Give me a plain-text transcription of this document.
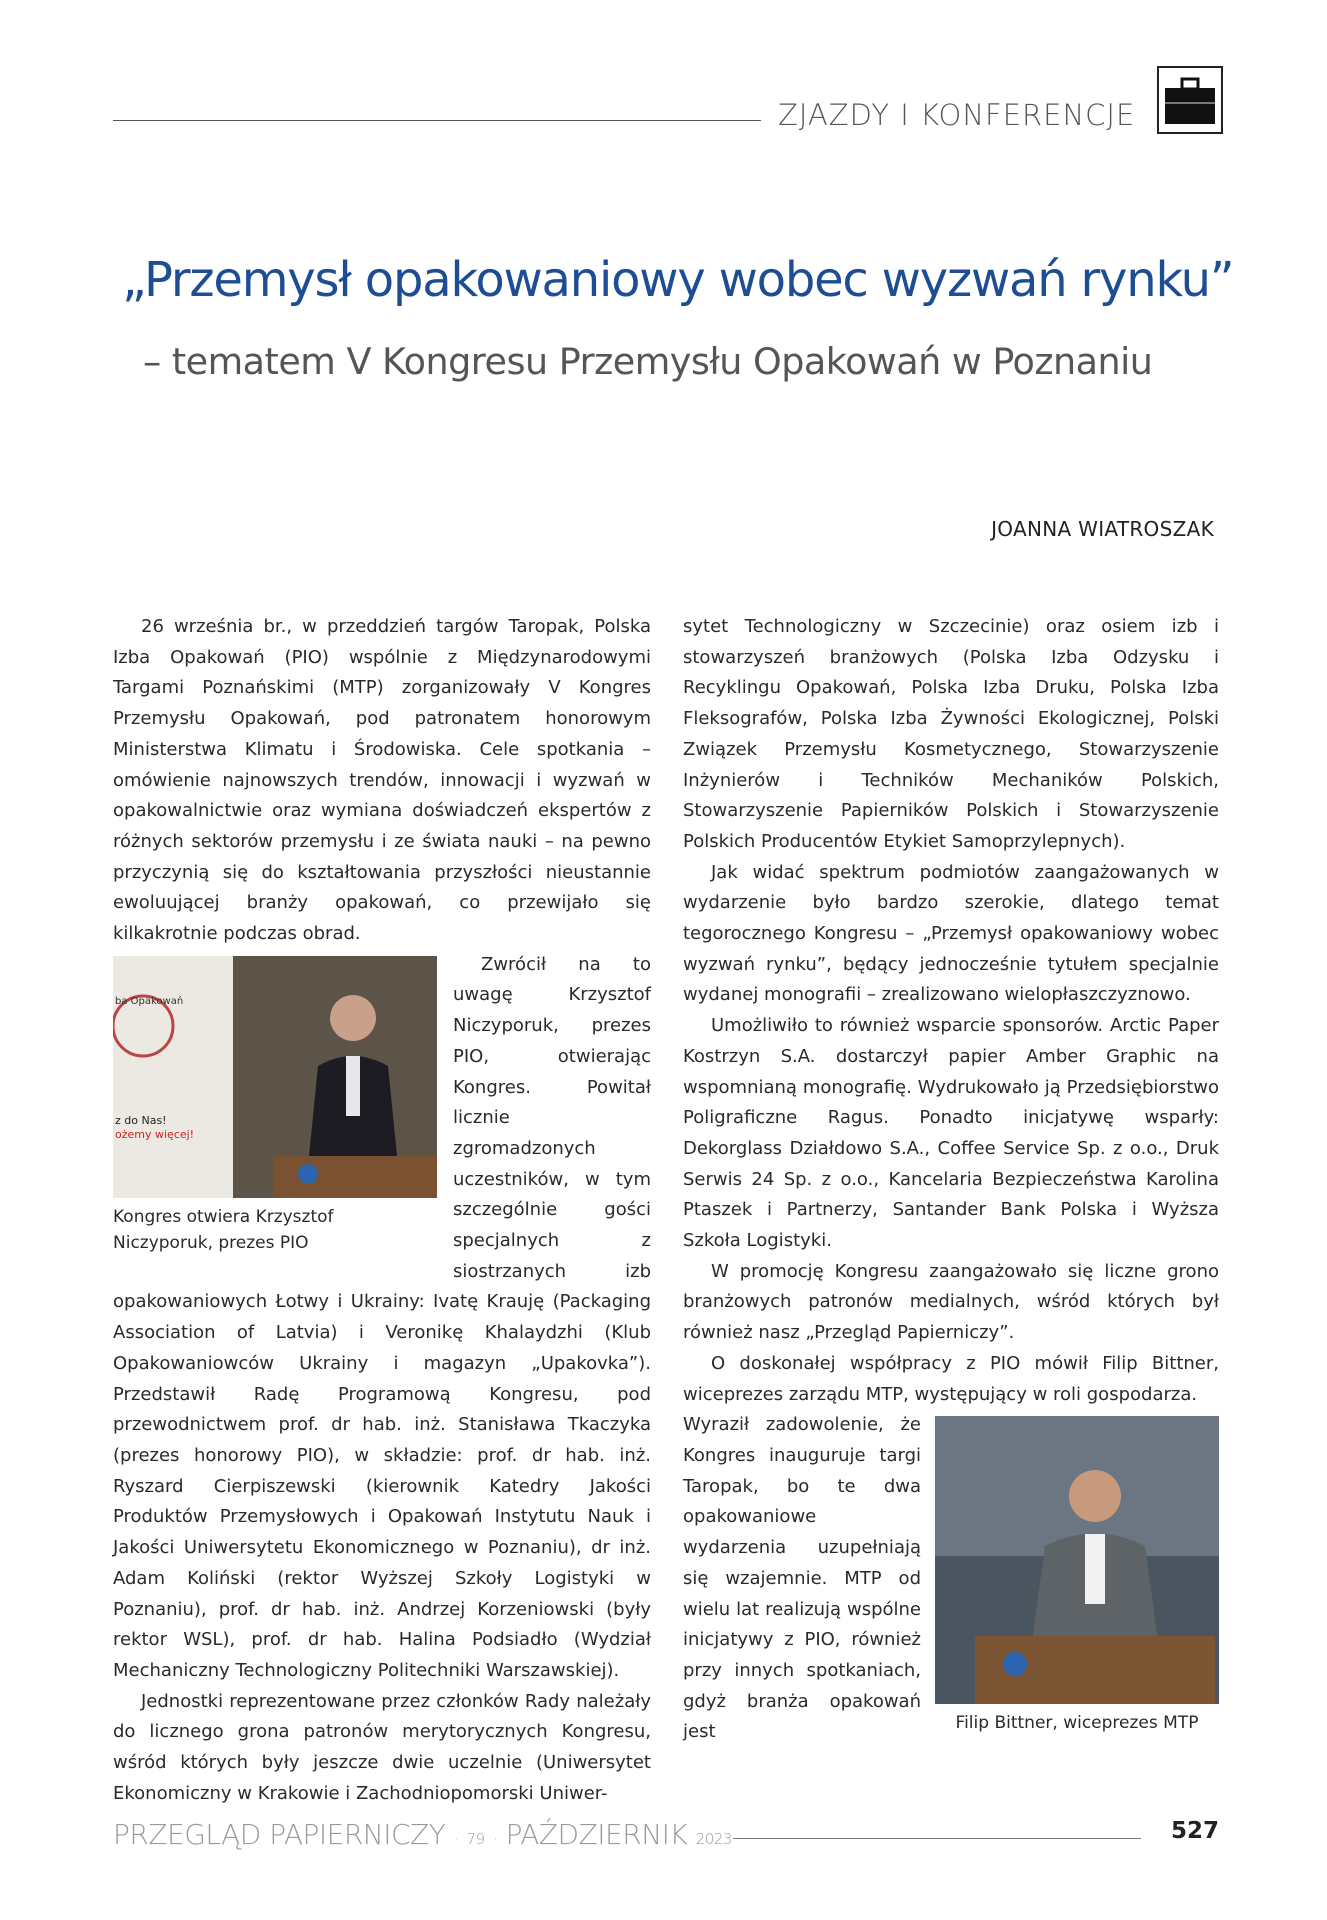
ZJAZDY I KONFERENCJE
„Przemysł opakowaniowy wobec wyzwań rynku”
– tematem V Kongresu Przemysłu Opakowań w Poznaniu
JOANNA WIATROSZAK

26 września br., w przeddzień targów Taropak, Polska Izba Opakowań (PIO) wspólnie z Międzynarodowymi Targami Poznańskimi (MTP) zorganizowały V Kongres Przemysłu Opakowań, pod patronatem honorowym Ministerstwa Klimatu i Środowiska. Cele spotkania – omówienie najnowszych trendów, innowacji i wyzwań w opakowalnictwie oraz wymiana doświadczeń ekspertów z różnych sektorów przemysłu i ze świata nauki – na pewno przyczynią się do kształtowania przyszłości nieustannie ewoluującej branży opakowań, co przewijało się kilkakrotnie podczas obrad.

ba Opakowań
z do Nas!
ożemy więcej!
Kongres otwiera Krzysztof Niczyporuk, prezes PIO

Zwrócił na to uwagę Krzysztof Niczyporuk, prezes PIO, otwierając Kongres. Powitał licznie zgromadzonych uczestników, w tym szczególnie gości specjalnych z siostrzanych izb opakowaniowych Łotwy i Ukrainy: Ivatę Krauję (Packaging Association of Latvia) i Veronikę Khalaydzhi (Klub Opakowaniowców Ukrainy i magazyn „Upakovka”). Przedstawił Radę Programową Kongresu, pod przewodnictwem prof. dr hab. inż. Stanisława Tkaczyka (prezes honorowy PIO), w składzie: prof. dr hab. inż. Ryszard Cierpiszewski (kierownik Katedry Jakości Produktów Przemysłowych i Opakowań Instytutu Nauk i Jakości Uniwersytetu Ekonomicznego w Poznaniu), dr inż. Adam Koliński (rektor Wyższej Szkoły Logistyki w Poznaniu), prof. dr hab. inż. Andrzej Korzeniowski (były rektor WSL), prof. dr hab. Halina Podsiadło (Wydział Mechaniczny Technologiczny Politechniki Warszawskiej).

Jednostki reprezentowane przez członków Rady należały do licznego grona patronów merytorycznych Kongresu, wśród których były jeszcze dwie uczelnie (Uniwersytet Ekonomiczny w Krakowie i Zachodniopomorski Uniwer-

sytet Technologiczny w Szczecinie) oraz osiem izb i stowarzyszeń branżowych (Polska Izba Odzysku i Recyklingu Opakowań, Polska Izba Druku, Polska Izba Fleksografów, Polska Izba Żywności Ekologicznej, Polski Związek Przemysłu Kosmetycznego, Stowarzyszenie Inżynierów i Techników Mechaników Polskich, Stowarzyszenie Papierników Polskich i Stowarzyszenie Polskich Producentów Etykiet Samoprzylepnych).

Jak widać spektrum podmiotów zaangażowanych w wydarzenie było bardzo szerokie, dlatego temat tegorocznego Kongresu – „Przemysł opakowaniowy wobec wyzwań rynku”, będący jednocześnie tytułem specjalnie wydanej monografii – zrealizowano wielopłaszczyznowo.

Umożliwiło to również wsparcie sponsorów. Arctic Paper Kostrzyn S.A. dostarczył papier Amber Graphic na wspomnianą monografię. Wydrukowało ją Przedsiębiorstwo Poligraficzne Ragus. Ponadto inicjatywę wsparły: Dekorglass Działdowo S.A., Coffee Service Sp. z o.o., Druk Serwis 24 Sp. z o.o., Kancelaria Bezpieczeństwa Karolina Ptaszek i Partnerzy, Santander Bank Polska i Wyższa Szkoła Logistyki.

W promocję Kongresu zaangażowało się liczne grono branżowych patronów medialnych, wśród których był również nasz „Przegląd Papierniczy”.

O doskonałej współpracy z PIO mówił Filip Bittner, wiceprezes zarządu MTP, występujący w roli gospodarza.

Filip Bittner, wiceprezes MTP

Wyraził zadowolenie, że Kongres inauguruje targi Taropak, bo te dwa opakowaniowe wydarzenia uzupełniają się wzajemnie. MTP od wielu lat realizują wspólne inicjatywy z PIO, również przy innych spotkaniach, gdyż branża opakowań jest

PRZEGLĄD PAPIERNICZY · 79 · PAŹDZIERNIK 2023	527
